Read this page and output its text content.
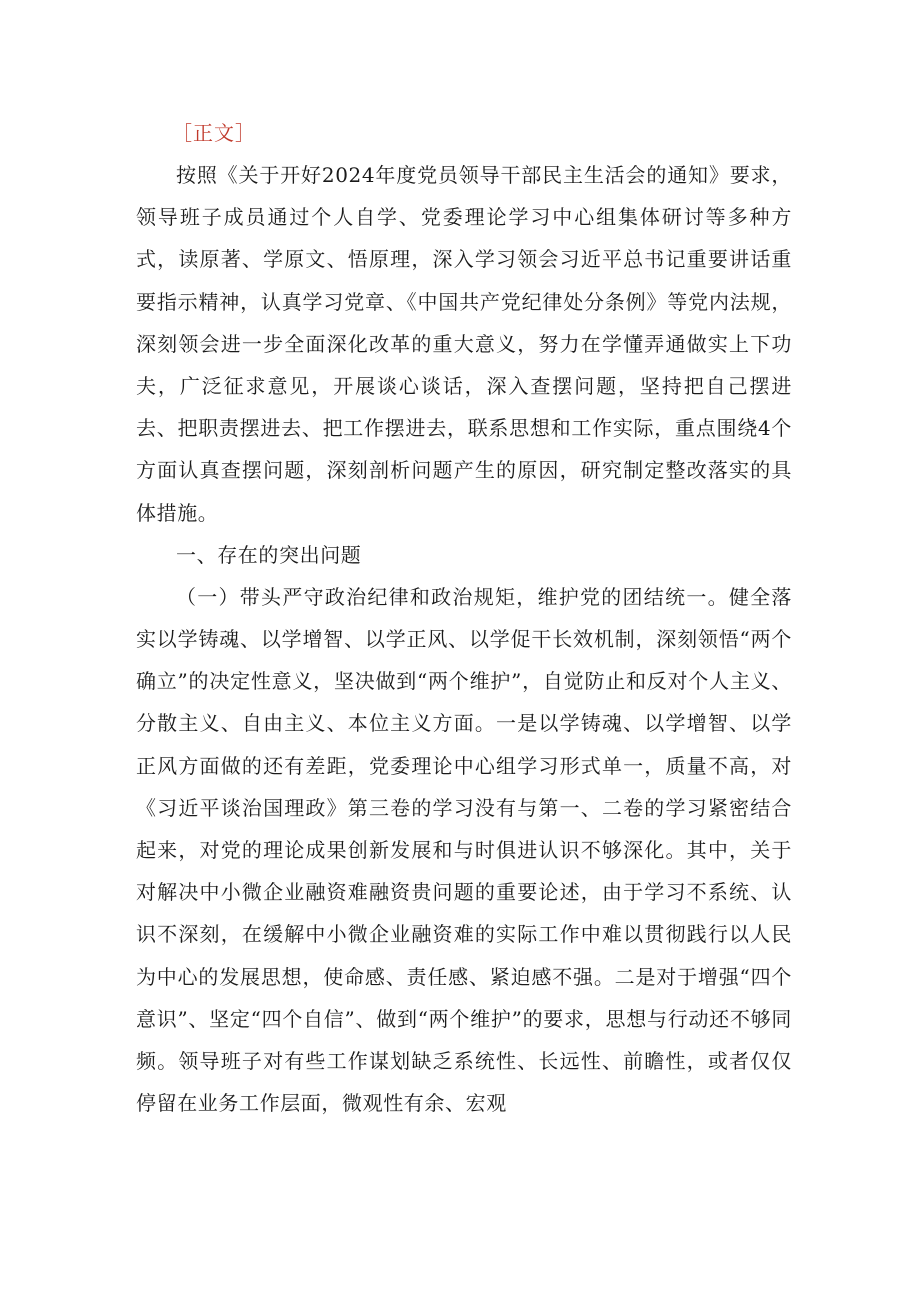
［正文］

按照《关于开好2024年度党员领导干部民主生活会的通知》要求，领导班子成员通过个人自学、党委理论学习中心组集体研讨等多种方式，读原著、学原文、悟原理，深入学习领会习近平总书记重要讲话重要指示精神，认真学习党章、《中国共产党纪律处分条例》等党内法规，深刻领会进一步全面深化改革的重大意义，努力在学懂弄通做实上下功夫，广泛征求意见，开展谈心谈话，深入查摆问题，坚持把自己摆进去、把职责摆进去、把工作摆进去，联系思想和工作实际，重点围绕4个方面认真查摆问题，深刻剖析问题产生的原因，研究制定整改落实的具体措施。

一、存在的突出问题

（一）带头严守政治纪律和政治规矩，维护党的团结统一。健全落实以学铸魂、以学增智、以学正风、以学促干长效机制，深刻领悟“两个确立”的决定性意义，坚决做到“两个维护”，自觉防止和反对个人主义、分散主义、自由主义、本位主义方面。一是以学铸魂、以学增智、以学正风方面做的还有差距，党委理论中心组学习形式单一，质量不高，对《习近平谈治国理政》第三卷的学习没有与第一、二卷的学习紧密结合起来，对党的理论成果创新发展和与时俱进认识不够深化。其中，关于对解决中小微企业融资难融资贵问题的重要论述，由于学习不系统、认识不深刻，在缓解中小微企业融资难的实际工作中难以贯彻践行以人民为中心的发展思想，使命感、责任感、紧迫感不强。二是对于增强“四个意识”、坚定“四个自信”、做到“两个维护”的要求，思想与行动还不够同频。领导班子对有些工作谋划缺乏系统性、长远性、前瞻性，或者仅仅停留在业务工作层面，微观性有余、宏观
